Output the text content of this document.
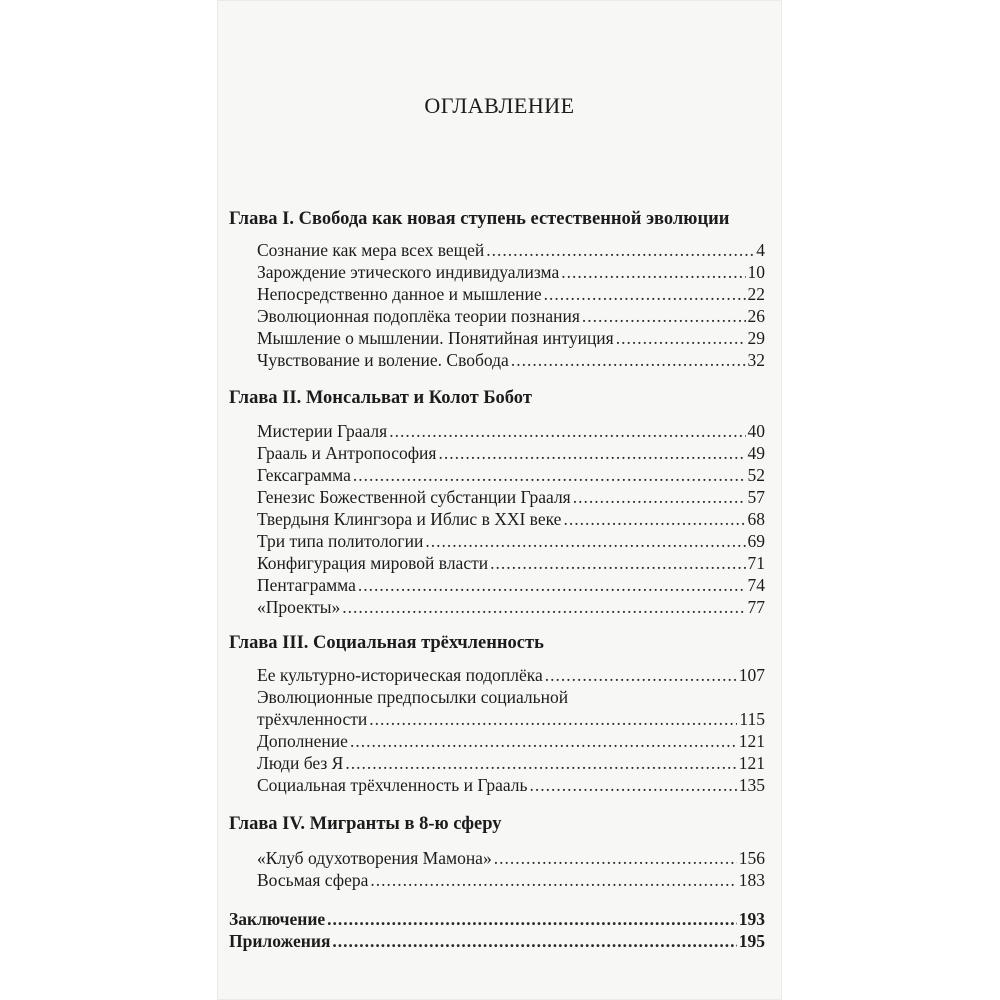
ОГЛАВЛЕНИЕ
Глава I. Свобода как новая ступень естественной эволюции
Сознание как мера всех вещей .....	4
Зарождение этического индивидуализма .....	10
Непосредственно данное и мышление .....	22
Эволюционная подоплёка теории познания .....	26
Мышление о мышлении. Понятийная интуиция .....	29
Чувствование и воление. Свобода .....	32
Глава II. Монсальват и Колот Бобот
Мистерии Грааля .....	40
Грааль и Антропософия .....	49
Гексаграмма .....	52
Генезис Божественной субстанции Грааля .....	57
Твердыня Клингзора и Иблис в XXI веке .....	68
Три типа политологии .....	69
Конфигурация мировой власти .....	71
Пентаграмма .....	74
«Проекты» .....	77
Глава III. Социальная трёхчленность
Ее культурно-историческая подоплёка .....	107
Эволюционные предпосылки социальной
трёхчленности .....	115
Дополнение .....	121
Люди без Я .....	121
Социальная трёхчленность и Грааль .....	135
Глава IV. Мигранты в 8-ю сферу
«Клуб одухотворения Мамона» .....	156
Восьмая сфера .....	183
Заключение .....	193
Приложения .....	195
